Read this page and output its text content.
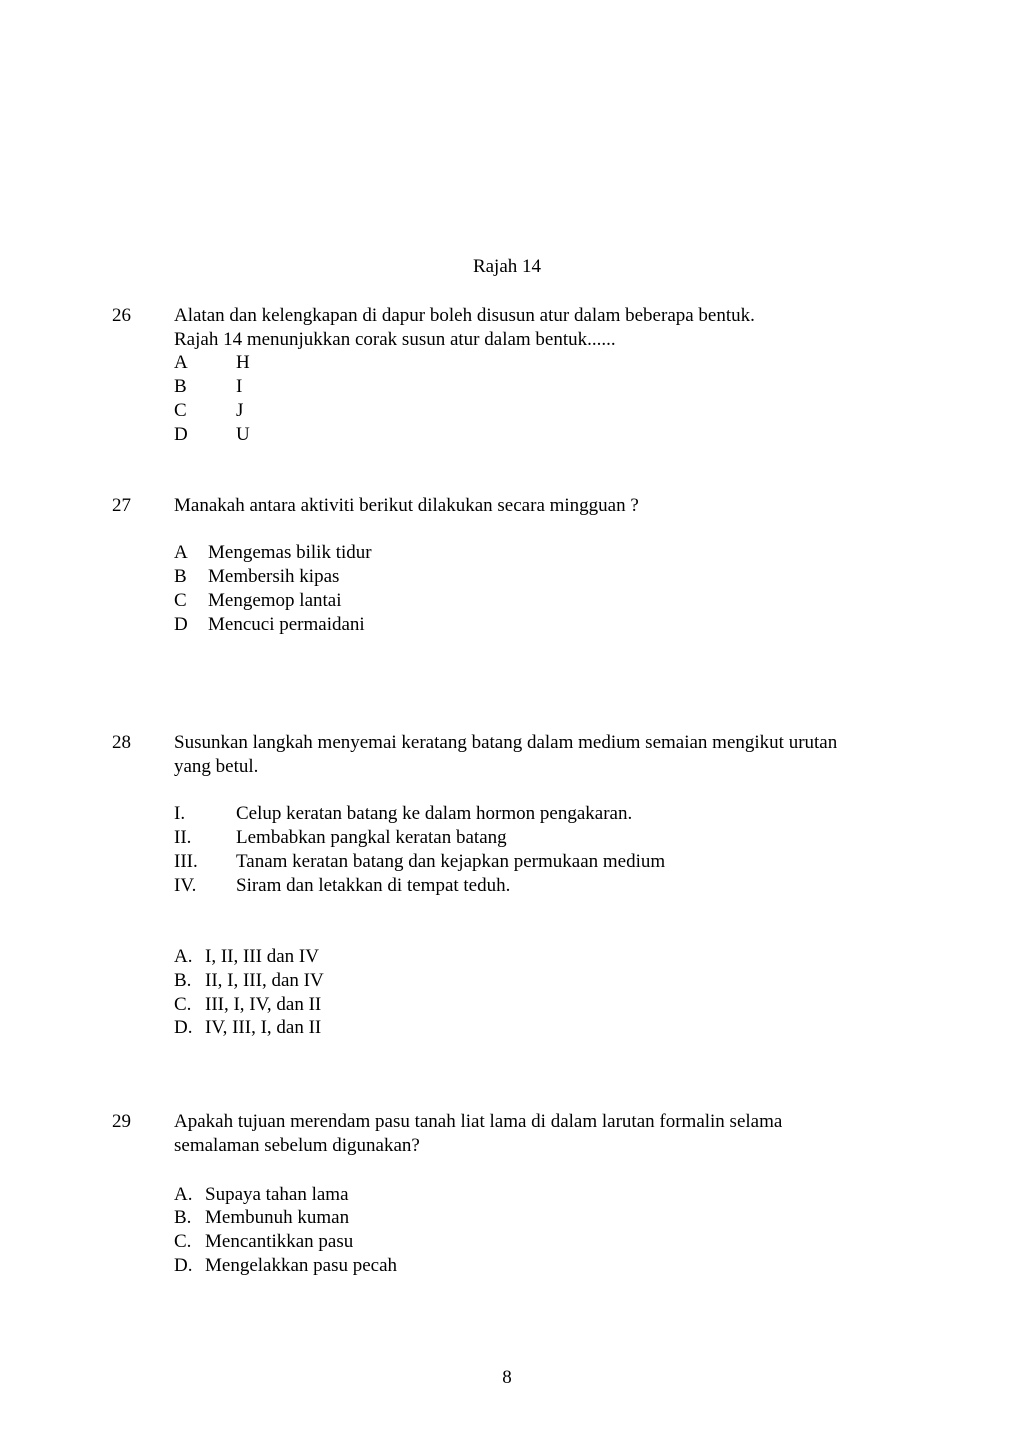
Rajah 14
26 Alatan dan kelengkapan di dapur boleh disusun atur dalam beberapa bentuk.
Rajah 14 menunjukkan corak susun atur dalam bentuk......
A	H
B	I
C	J
D	U
27 Manakah antara aktiviti berikut dilakukan secara mingguan ?
A Mengemas bilik tidur
B Membersih kipas
C Mengemop lantai
D Mencuci permaidani
28 Susunkan langkah menyemai keratang batang dalam medium semaian mengikut urutan
yang betul.
I.	Celup keratan batang ke dalam hormon pengakaran.
II. Lembabkan pangkal keratan batang
III. Tanam keratan batang dan kejapkan permukaan medium
IV. Siram dan letakkan di tempat teduh.
A. I, II, III dan IV
B. II, I, III, dan IV
C. III, I, IV, dan II
D. IV, III, I, dan II
29 Apakah tujuan merendam pasu tanah liat lama di dalam larutan formalin selama
semalaman sebelum digunakan?
A. Supaya tahan lama
B. Membunuh kuman
C. Mencantikkan pasu
D. Mengelakkan pasu pecah
8
